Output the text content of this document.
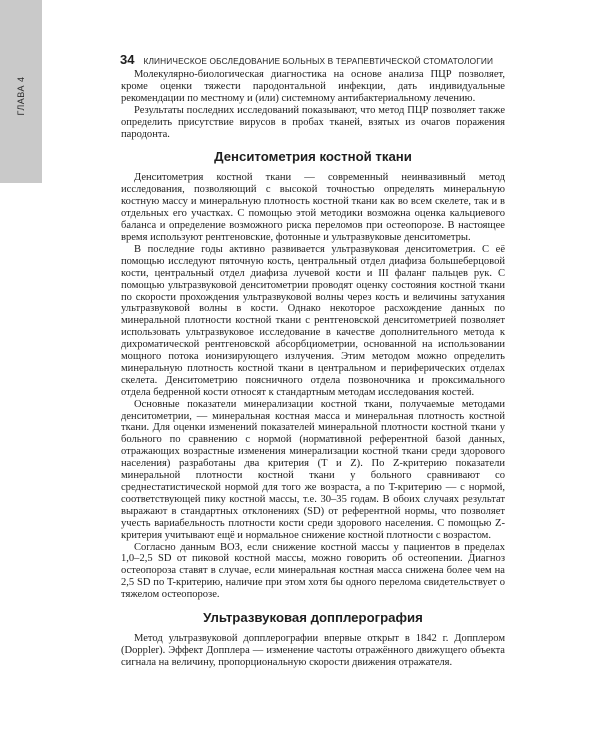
ГЛАВА 4
34 КЛИНИЧЕСКОЕ ОБСЛЕДОВАНИЕ БОЛЬНЫХ В ТЕРАПЕВТИЧЕСКОЙ СТОМАТОЛОГИИ

Молекулярно-биологическая диагностика на основе анализа ПЦР позволяет, кроме оценки тяжести пародонтальной инфекции, дать индивидуальные рекомендации по местному и (или) системному антибактериальному лечению.

Результаты последних исследований показывают, что метод ПЦР позволяет также определить присутствие вирусов в пробах тканей, взятых из очагов поражения пародонта.

Денситометрия костной ткани

Денситометрия костной ткани — современный неинвазивный метод исследования, позволяющий с высокой точностью определять минеральную костную массу и минеральную плотность костной ткани как во всем скелете, так и в отдельных его участках. С помощью этой методики возможна оценка кальциевого баланса и определение возможного риска переломов при остеопорозе. В настоящее время используют рентгеновские, фотонные и ультразвуковые денситометры.

В последние годы активно развивается ультразвуковая денситометрия. С её помощью исследуют пяточную кость, центральный отдел диафиза большеберцовой кости, центральный отдел диафиза лучевой кости и III фаланг пальцев рук. С помощью ультразвуковой денситометрии проводят оценку состояния костной ткани по скорости прохождения ультразвуковой волны через кость и величины затухания ультразвуковой волны в кости. Однако некоторое расхождение данных по минеральной плотности костной ткани с рентгеновской денситометрией позволяет использовать ультразвуковое исследование в качестве дополнительного метода к дихроматической рентгеновской абсорбциометрии, основанной на использовании мощного потока ионизирующего излучения. Этим методом можно определить минеральную плотность костной ткани в центральном и периферических отделах скелета. Денситометрию поясничного отдела позвоночника и проксимального отдела бедренной кости относят к стандартным методам исследования костей.

Основные показатели минерализации костной ткани, получаемые методами денситометрии, — минеральная костная масса и минеральная плотность костной ткани. Для оценки изменений показателей минеральной плотности костной ткани у больного по сравнению с нормой (нормативной референтной базой данных, отражающих возрастные изменения минерализации костной ткани среди здорового населения) разработаны два критерия (T и Z). По Z-критерию показатели минеральной плотности костной ткани у больного сравнивают со среднестатистической нормой для того же возраста, а по T-критерию — с нормой, соответствующей пику костной массы, т.е. 30–35 годам. В обоих случаях результат выражают в стандартных отклонениях (SD) от референтной нормы, что позволяет учесть вариабельность плотности кости среди здорового населения. С помощью Z-критерия учитывают ещё и нормальное снижение костной плотности с возрастом.

Согласно данным ВОЗ, если снижение костной массы у пациентов в пределах 1,0–2,5 SD от пиковой костной массы, можно говорить об остеопении. Диагноз остеопороза ставят в случае, если минеральная костная масса снижена более чем на 2,5 SD по T-критерию, наличие при этом хотя бы одного перелома свидетельствует о тяжелом остеопорозе.

Ультразвуковая допплерография

Метод ультразвуковой допплерографии впервые открыт в 1842 г. Допплером (Doppler). Эффект Допплера — изменение частоты отражённого движущего объекта сигнала на величину, пропорциональную скорости движения отражателя.
